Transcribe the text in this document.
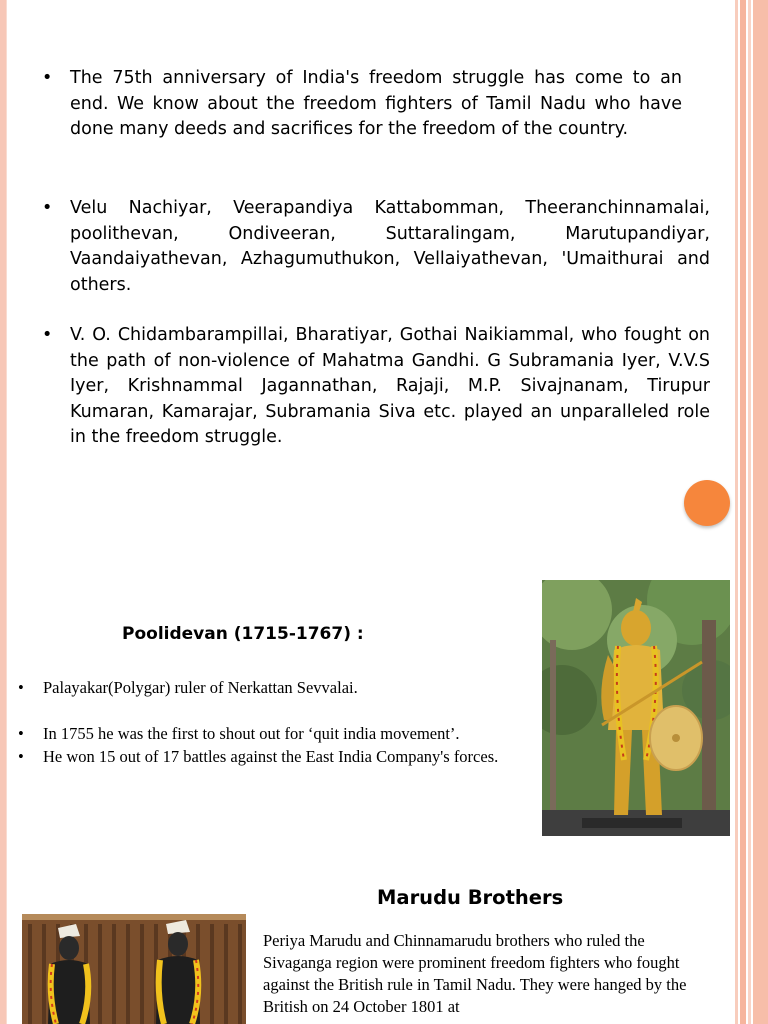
• The 75th anniversary of India's freedom struggle has come to an end. We know about the freedom fighters of Tamil Nadu who have done many deeds and sacrifices for the freedom of the country.
• Velu Nachiyar, Veerapandiya Kattabomman, Theeranchinnamalai, poolithevan, Ondiveeran, Suttaralingam, Marutupandiyar, Vaandaiyathevan, Azhagumuthukon, Vellaiyathevan, 'Umaithurai and others.
• V. O. Chidambarampillai, Bharatiyar, Gothai Naikiammal, who fought on the path of non-violence of Mahatma Gandhi. G Subramania Iyer, V.V.S Iyer, Krishnammal Jagannathan, Rajaji, M.P. Sivajnanam, Tirupur Kumaran, Kamarajar, Subramania Siva etc. played an unparalleled role in the freedom struggle.
Poolidevan (1715-1767) :
• Palayakar(Polygar) ruler of Nerkattan Sevvalai.
• In 1755 he was the first to shout out for ‘quit india movement’.
• He won 15 out of 17 battles against the East India Company's forces.
Marudu Brothers
Periya Marudu and Chinnamarudu brothers who ruled the Sivaganga region were prominent freedom fighters who fought against the British rule in Tamil Nadu. They were hanged by the British on 24 October 1801 at
